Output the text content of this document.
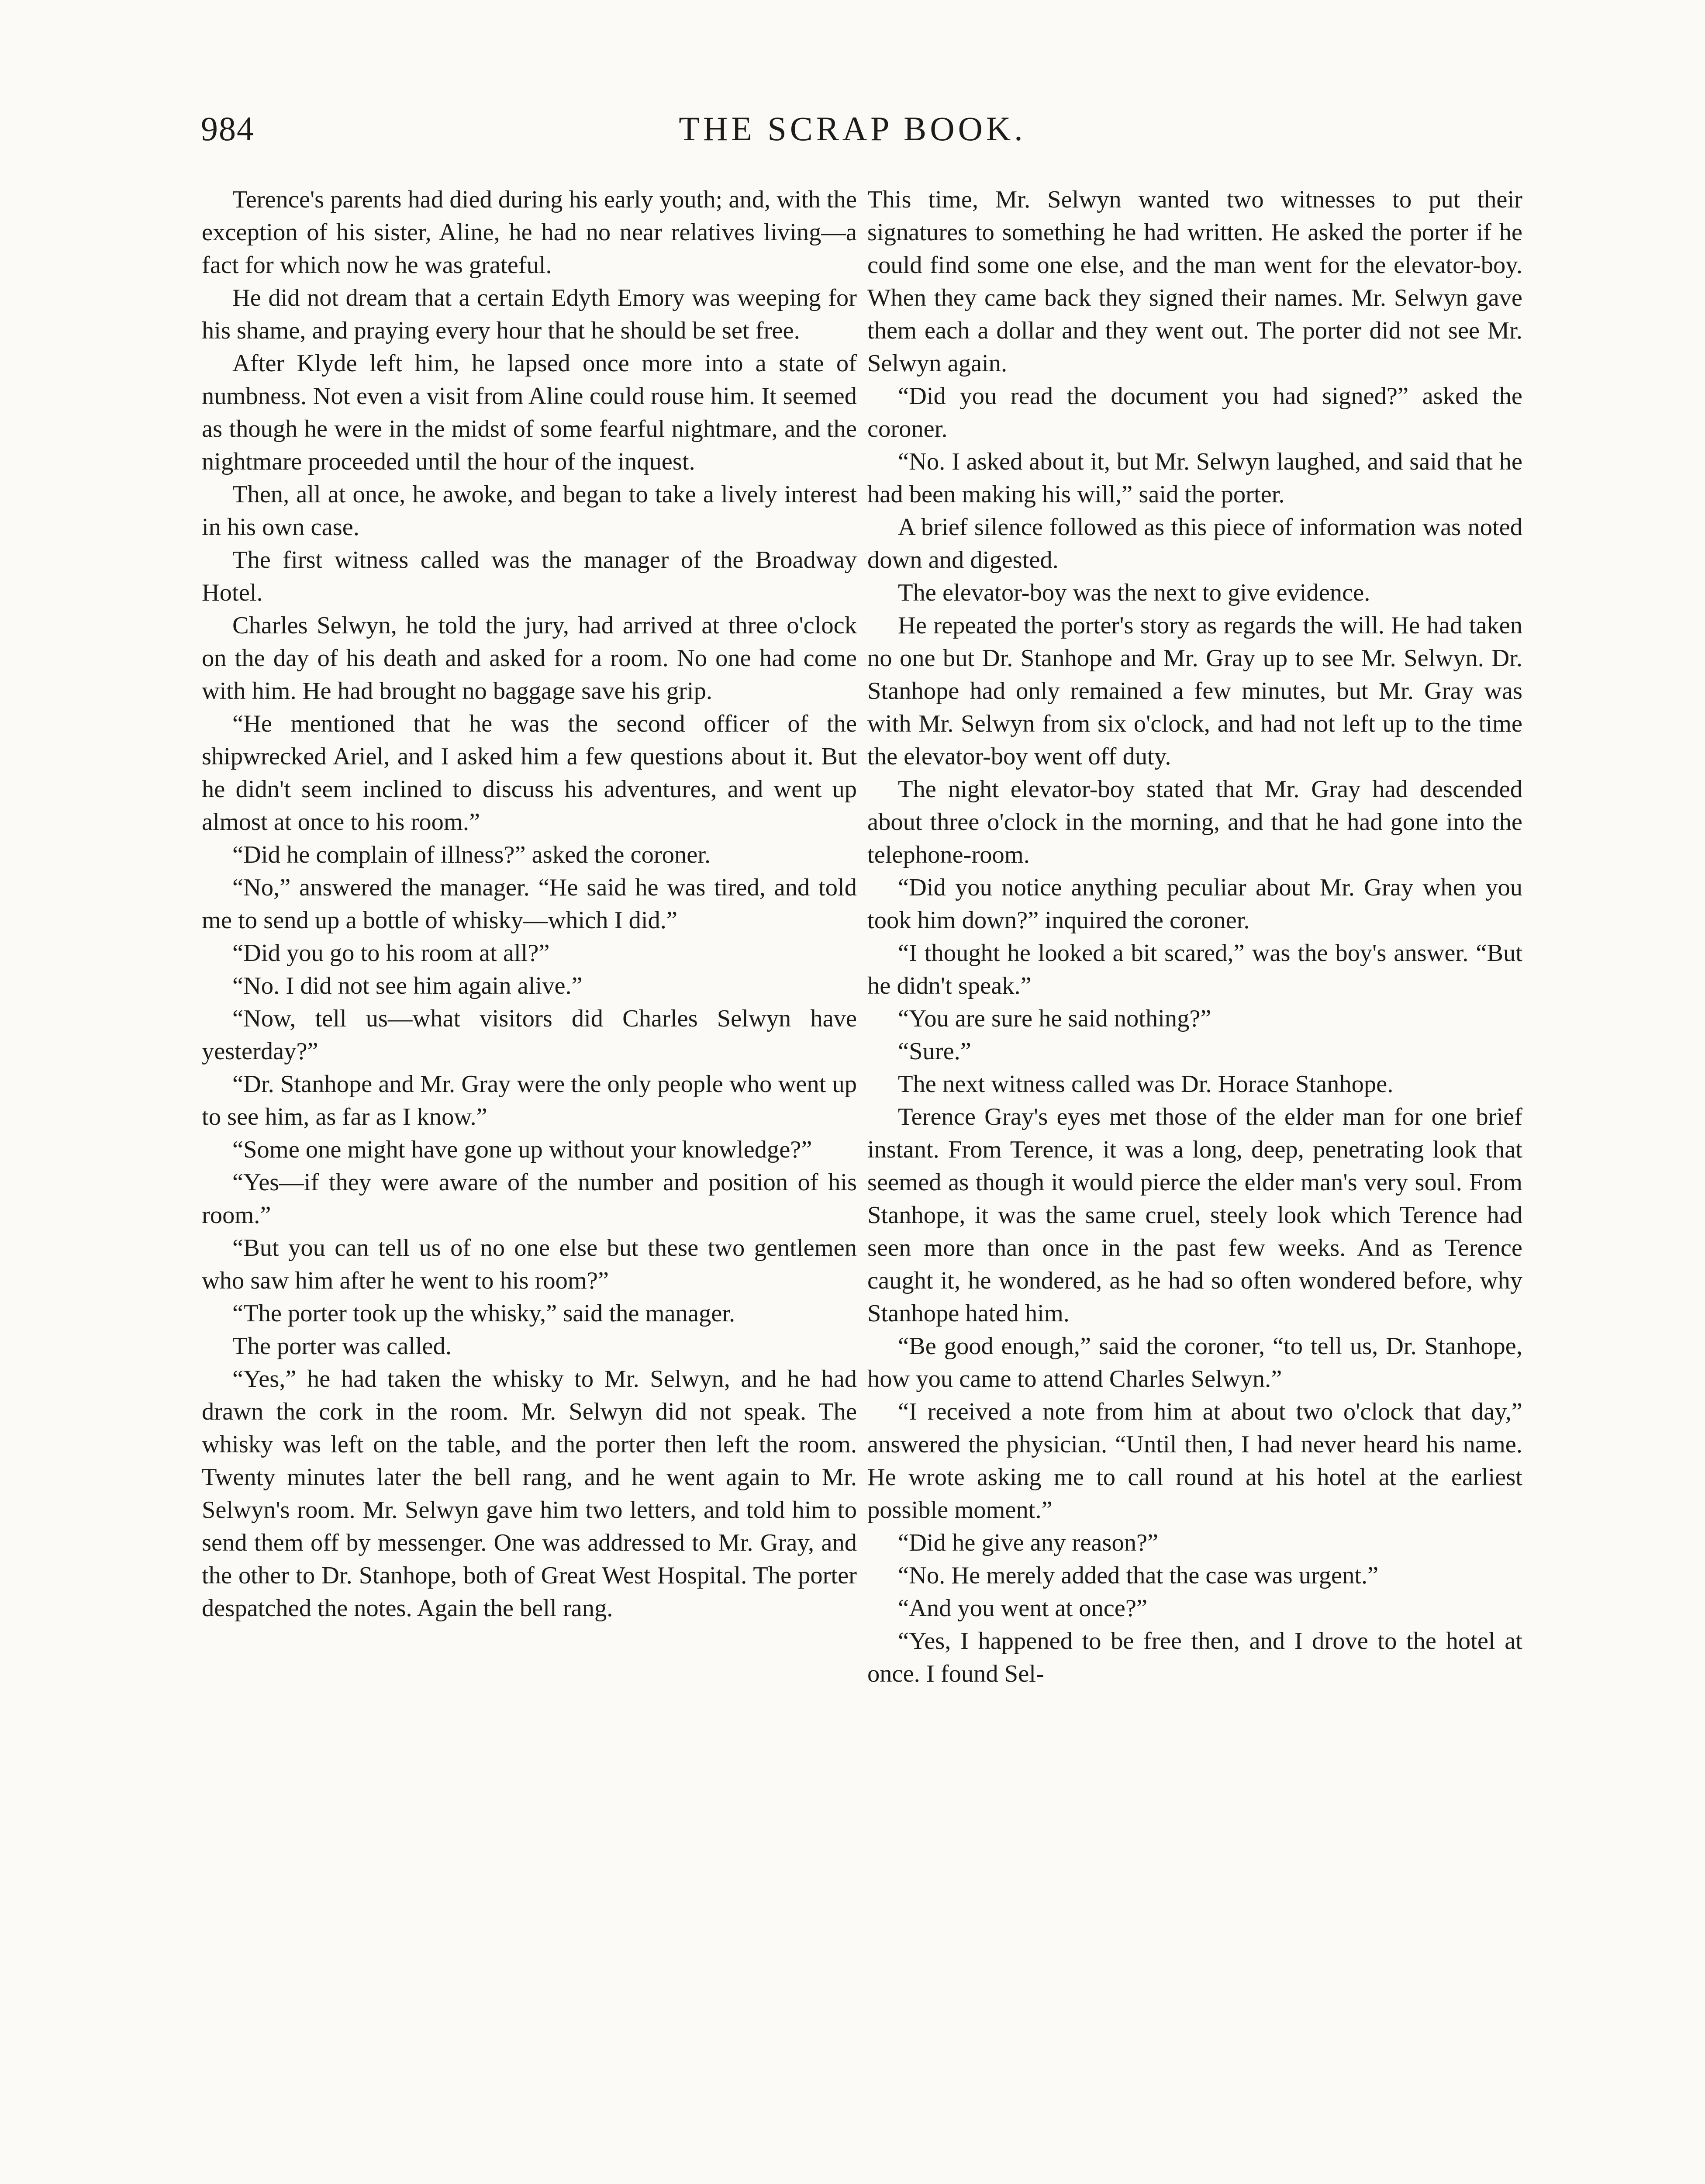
984	THE SCRAP BOOK.

Terence's parents had died during his early youth; and, with the exception of his sister, Aline, he had no near relatives living—a fact for which now he was grateful.

He did not dream that a certain Edyth Emory was weeping for his shame, and praying every hour that he should be set free.

After Klyde left him, he lapsed once more into a state of numbness. Not even a visit from Aline could rouse him. It seemed as though he were in the midst of some fearful nightmare, and the nightmare proceeded until the hour of the inquest.

Then, all at once, he awoke, and began to take a lively interest in his own case.

The first witness called was the manager of the Broadway Hotel.

Charles Selwyn, he told the jury, had arrived at three o'clock on the day of his death and asked for a room. No one had come with him. He had brought no baggage save his grip.

“He mentioned that he was the second officer of the shipwrecked Ariel, and I asked him a few questions about it. But he didn't seem inclined to discuss his adventures, and went up almost at once to his room.”

“Did he complain of illness?” asked the coroner.

“No,” answered the manager. “He said he was tired, and told me to send up a bottle of whisky—which I did.”

“Did you go to his room at all?”

“No. I did not see him again alive.”

“Now, tell us—what visitors did Charles Selwyn have yesterday?”

“Dr. Stanhope and Mr. Gray were the only people who went up to see him, as far as I know.”

“Some one might have gone up without your knowledge?”

“Yes—if they were aware of the number and position of his room.”

“But you can tell us of no one else but these two gentlemen who saw him after he went to his room?”

“The porter took up the whisky,” said the manager.

The porter was called.

“Yes,” he had taken the whisky to Mr. Selwyn, and he had drawn the cork in the room. Mr. Selwyn did not speak. The whisky was left on the table, and the porter then left the room. Twenty minutes later the bell rang, and he went again to Mr. Selwyn's room. Mr. Selwyn gave him two letters, and told him to send them off by messenger. One was addressed to Mr. Gray, and the other to Dr. Stanhope, both of Great West Hospital. The porter despatched the notes. Again the bell rang.

This time, Mr. Selwyn wanted two witnesses to put their signatures to something he had written. He asked the porter if he could find some one else, and the man went for the elevator-boy. When they came back they signed their names. Mr. Selwyn gave them each a dollar and they went out. The porter did not see Mr. Selwyn again.

“Did you read the document you had signed?” asked the coroner.

“No. I asked about it, but Mr. Selwyn laughed, and said that he had been making his will,” said the porter.

A brief silence followed as this piece of information was noted down and digested.

The elevator-boy was the next to give evidence.

He repeated the porter's story as regards the will. He had taken no one but Dr. Stanhope and Mr. Gray up to see Mr. Selwyn. Dr. Stanhope had only remained a few minutes, but Mr. Gray was with Mr. Selwyn from six o'clock, and had not left up to the time the elevator-boy went off duty.

The night elevator-boy stated that Mr. Gray had descended about three o'clock in the morning, and that he had gone into the telephone-room.

“Did you notice anything peculiar about Mr. Gray when you took him down?” inquired the coroner.

“I thought he looked a bit scared,” was the boy's answer. “But he didn't speak.”

“You are sure he said nothing?”

“Sure.”

The next witness called was Dr. Horace Stanhope.

Terence Gray's eyes met those of the elder man for one brief instant. From Terence, it was a long, deep, penetrating look that seemed as though it would pierce the elder man's very soul. From Stanhope, it was the same cruel, steely look which Terence had seen more than once in the past few weeks. And as Terence caught it, he wondered, as he had so often wondered before, why Stanhope hated him.

“Be good enough,” said the coroner, “to tell us, Dr. Stanhope, how you came to attend Charles Selwyn.”

“I received a note from him at about two o'clock that day,” answered the physician. “Until then, I had never heard his name. He wrote asking me to call round at his hotel at the earliest possible moment.”

“Did he give any reason?”

“No. He merely added that the case was urgent.”

“And you went at once?”

“Yes, I happened to be free then, and I drove to the hotel at once. I found Sel-
